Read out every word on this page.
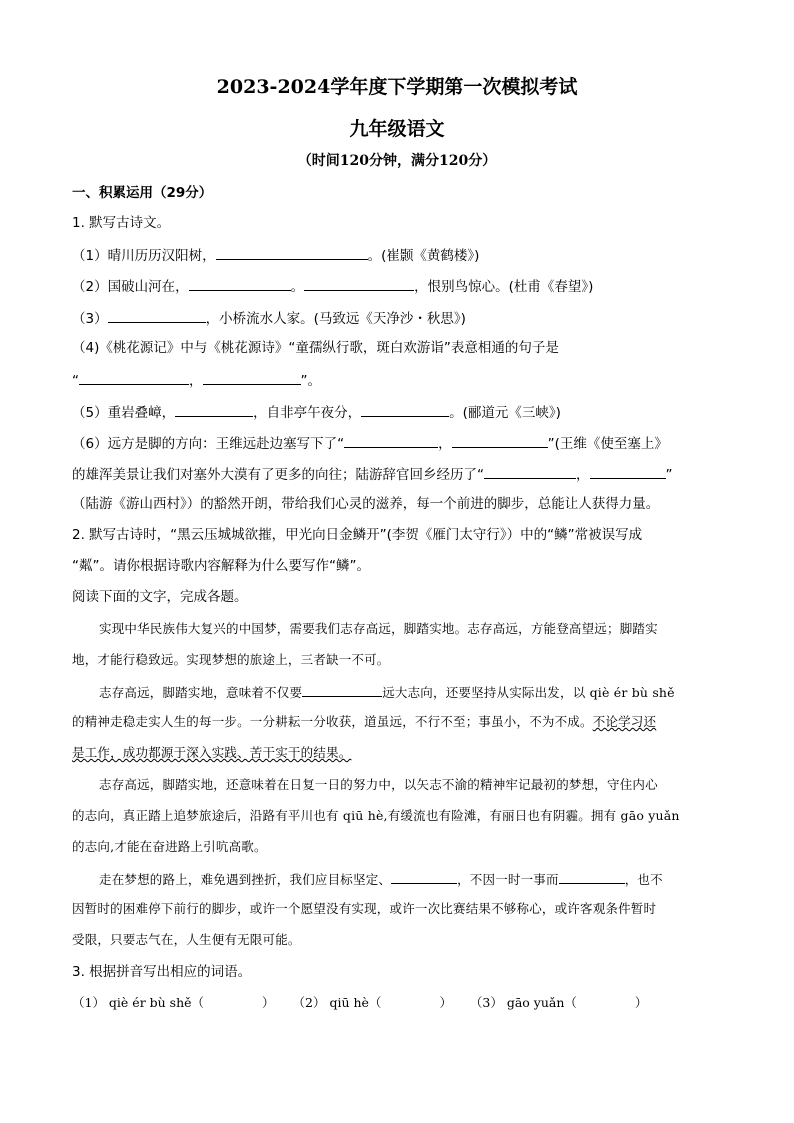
2023-2024学年度下学期第一次模拟考试
九年级语文
（时间120分钟，满分120分）
一、积累运用（29分）
1. 默写古诗文。
（1）晴川历历汉阳树，	。(崔颢《黄鹤楼》)
（2）国破山河在，	。	，恨别鸟惊心。(杜甫《春望》)
（3）	，小桥流水人家。(马致远《天净沙・秋思》)
（4)《桃花源记》中与《桃花源诗》“童孺纵行歌，斑白欢游诣”表意相通的句子是
“	，	”。
（5）重岩叠嶂，	，自非亭午夜分，	。(郦道元《三峡》)
（6）远方是脚的方向：王维远赴边塞写下了“	，	”(王维《使至塞上》
的雄浑美景让我们对塞外大漠有了更多的向往；陆游辞官回乡经历了“	，	”
（陆游《游山西村》）的豁然开朗，带给我们心灵的滋养，每一个前进的脚步，总能让人获得力量。
2. 默写古诗时，“黑云压城城欲摧，甲光向日金鳞开”(李贺《雁门太守行》）中的“鳞”常被误写成
“粼”。请你根据诗歌内容解释为什么要写作“鳞”。
阅读下面的文字，完成各题。
实现中华民族伟大复兴的中国梦，需要我们志存高远，脚踏实地。志存高远，方能登高望远；脚踏实
地，才能行稳致远。实现梦想的旅途上，三者缺一不可。
志存高远，脚踏实地，意味着不仅要	远大志向，还要坚持从实际出发，以 qiè ér bù shě
的精神走稳走实人生的每一步。一分耕耘一分收获，道虽远，不行不至；事虽小，不为不成。不论学习还
是工作，成功都源于深入实践、苦干实干的结果。
志存高远，脚踏实地，还意味着在日复一日的努力中，以矢志不渝的精神牢记最初的梦想，守住内心
的志向，真正踏上追梦旅途后，沿路有平川也有 qiū hè,有缓流也有险滩，有丽日也有阴霾。拥有 gāo yuǎn
的志向,才能在奋进路上引吭高歌。
走在梦想的路上，难免遇到挫折，我们应目标坚定、	，不因一时一事而	，也不
因暂时的困难停下前行的脚步，或许一个愿望没有实现，或许一次比赛结果不够称心，或许客观条件暂时
受限，只要志气在，人生便有无限可能。
3. 根据拼音写出相应的词语。
（1） qiè ér bù shě（	） （2） qiū hè（	） （3） gāo yuǎn（	）
